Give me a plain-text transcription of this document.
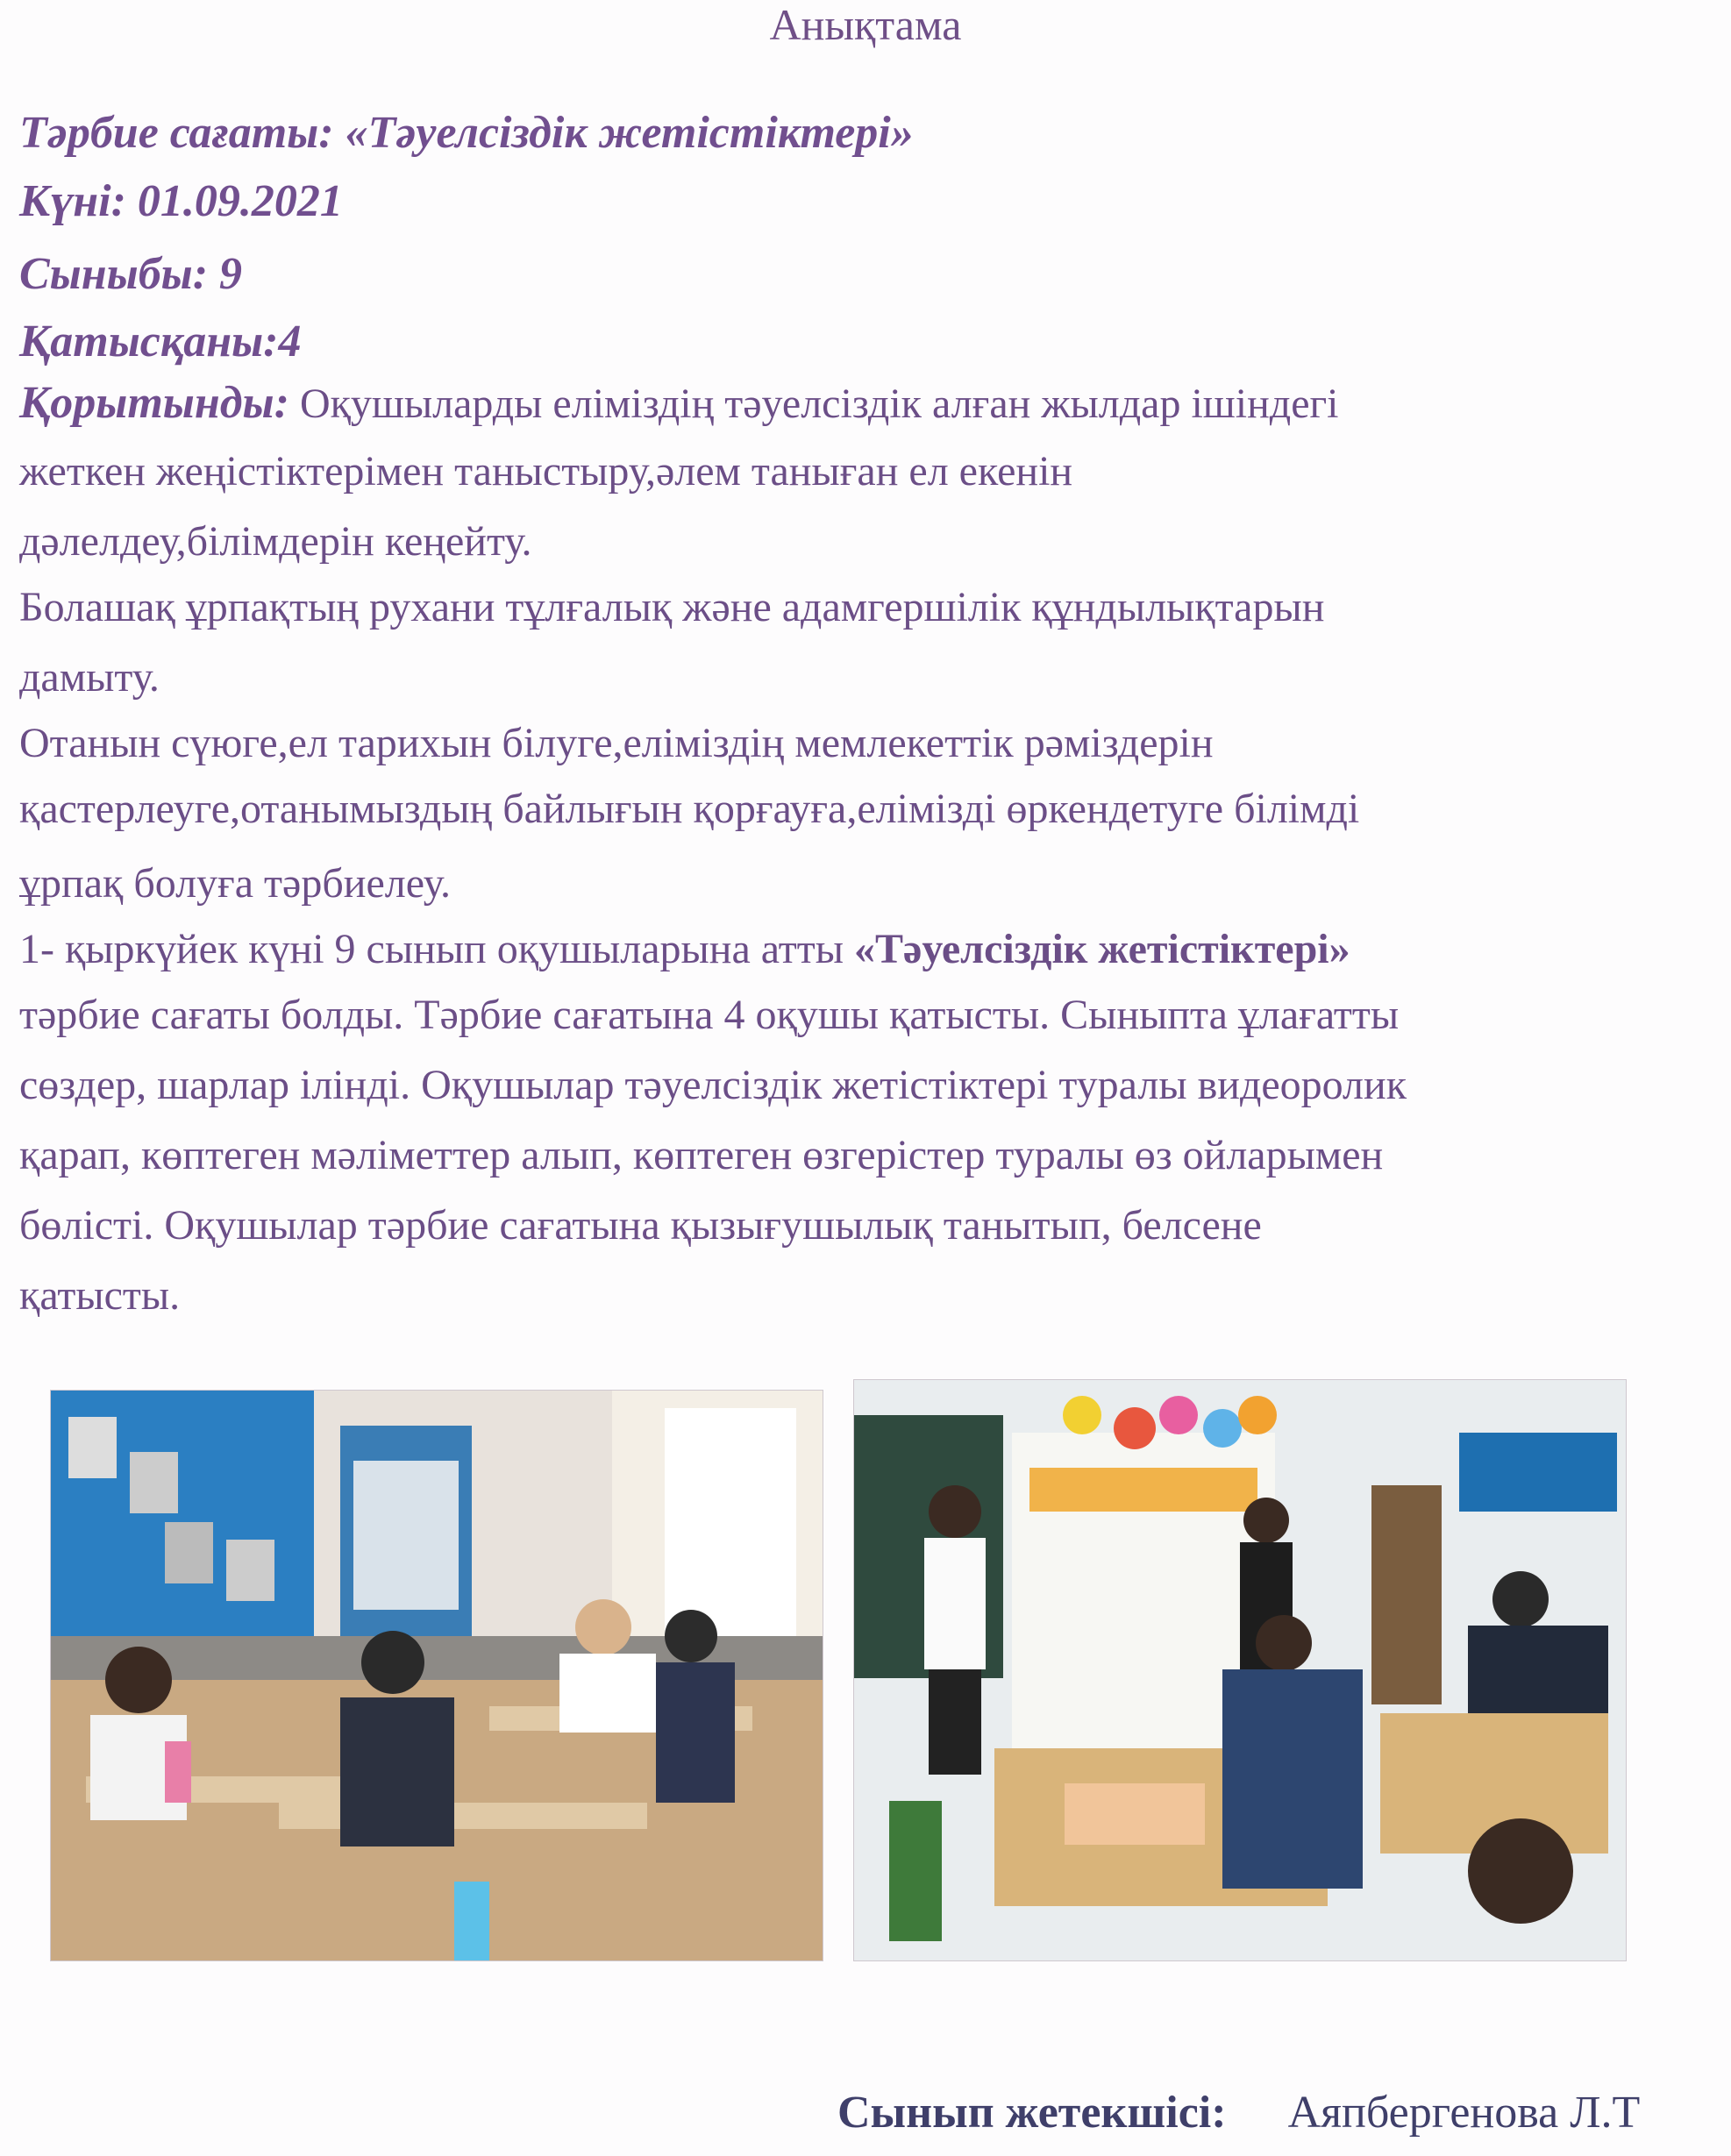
Анықтама
Тәрбие сағаты: «Тәуелсіздік жетістіктері»
Күні: 01.09.2021
Сыныбы: 9
Қатысқаны:4
Қорытынды: Оқушыларды еліміздің тәуелсіздік алған жылдар ішіндегі
жеткен жеңістіктерімен таныстыру,әлем таныған ел екенін
дәлелдеу,білімдерін кеңейту.
Болашақ ұрпақтың рухани тұлғалық және адамгершілік құндылықтарын
дамыту.
Отанын сүюге,ел тарихын білуге,еліміздің мемлекеттік рәміздерін
қастерлеуге,отанымыздың байлығын қорғауға,елімізді өркендетуге білімді
ұрпақ болуға тәрбиелеу.
1- қыркүйек күні 9 сынып оқушыларына атты «Тәуелсіздік жетістіктері»
тәрбие сағаты болды. Тәрбие сағатына 4 оқушы қатысты. Сыныпта ұлағатты
сөздер, шарлар ілінді. Оқушылар тәуелсіздік жетістіктері туралы видеоролик
қарап, көптеген мәліметтер алып, көптеген өзгерістер туралы өз ойларымен
бөлісті. Оқушылар тәрбие сағатына қызығушылық танытып, белсене
қатысты.
Сынып жетекшісі: Аяпбергенова Л.Т
